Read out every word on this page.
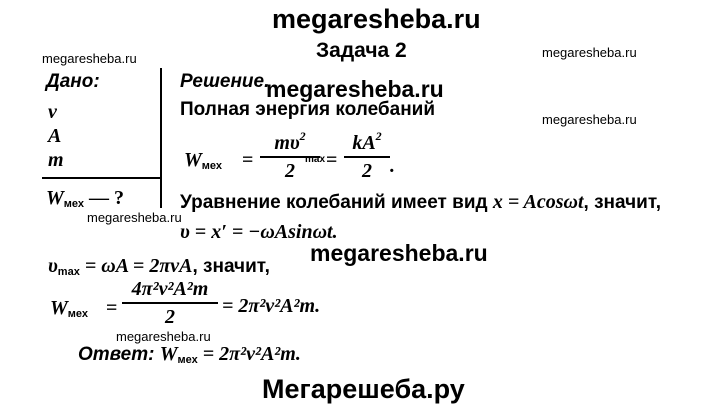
megaresheba.ru
megaresheba.ru	megaresheba.ru
megaresheba.ru
megaresheba.ru
megaresheba.ru
megaresheba.ru
megaresheba.ru
Мегарешеба.ру
Задача 2
Дано:
ν
A
m
$W_{мех}$ — ?
Решение.
Полная энергия колебаний
$W_{мех}$ =
$m\upsilon^2$
2
max =
$kA^2$
2 .
Уравнение колебаний имеет вид x = Acosωt, значит,
υ = x′ = −ωAsinωt.
$\upsilon_{max} = \omega A = 2\pi\nu A$, значит,
$W_{мех}$ =
4π²ν²A²m
2	= 2π²ν²A²m.
Ответ: $W_{мех} = 2\pi^2\nu^2A^2m$.
